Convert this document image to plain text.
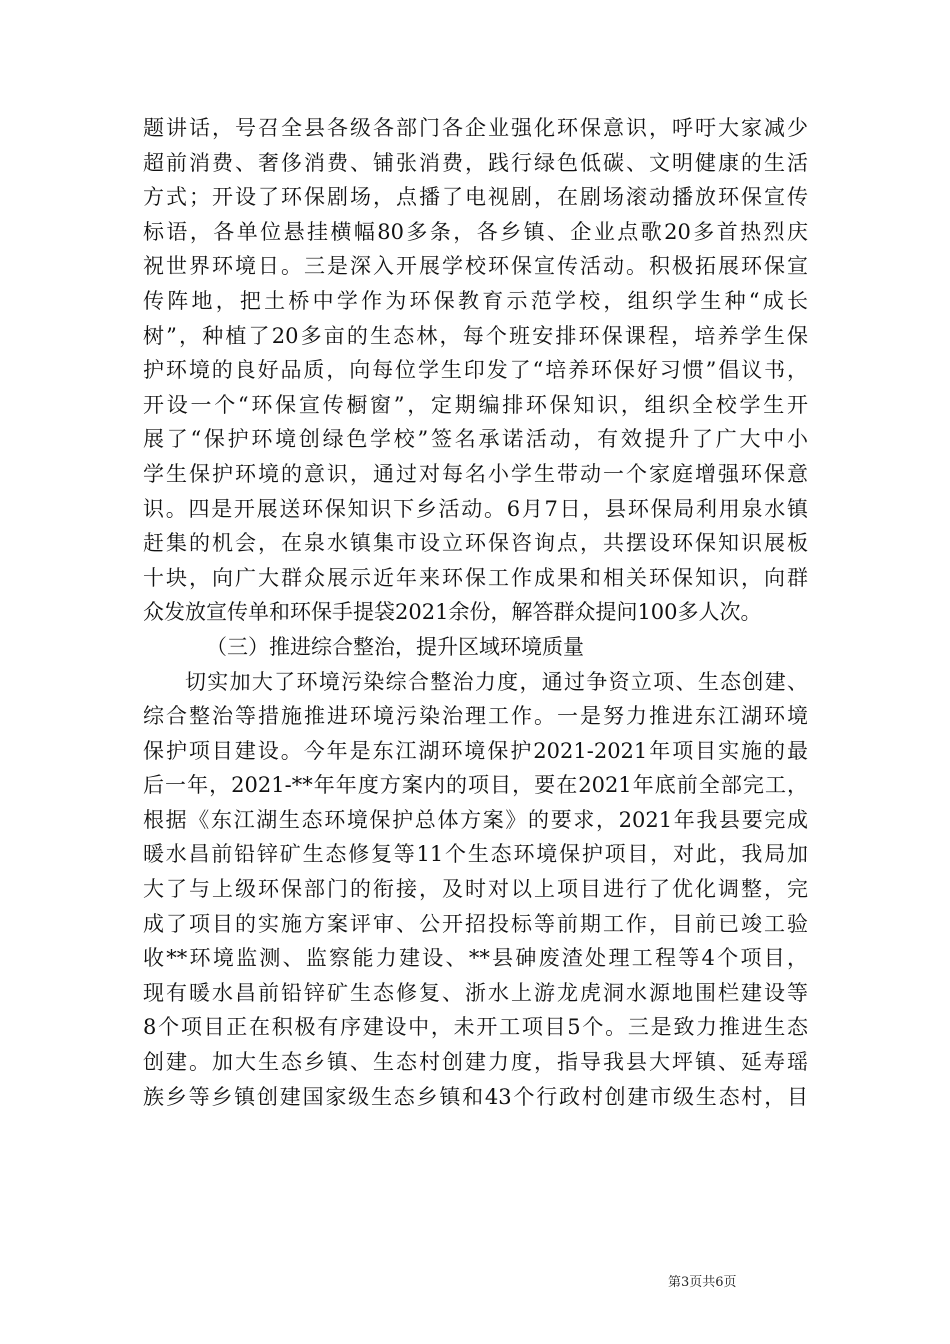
题讲话，号召全县各级各部门各企业强化环保意识，呼吁大家减少
超前消费、奢侈消费、铺张消费，践行绿色低碳、文明健康的生活
方式；开设了环保剧场，点播了电视剧，在剧场滚动播放环保宣传
标语，各单位悬挂横幅80多条，各乡镇、企业点歌20多首热烈庆
祝世界环境日。三是深入开展学校环保宣传活动。积极拓展环保宣
传阵地，把土桥中学作为环保教育示范学校，组织学生种“成长
树”，种植了20多亩的生态林，每个班安排环保课程，培养学生保
护环境的良好品质，向每位学生印发了“培养环保好习惯”倡议书，
开设一个“环保宣传橱窗”，定期编排环保知识，组织全校学生开
展了“保护环境创绿色学校”签名承诺活动，有效提升了广大中小
学生保护环境的意识，通过对每名小学生带动一个家庭增强环保意
识。四是开展送环保知识下乡活动。6月7日，县环保局利用泉水镇
赶集的机会，在泉水镇集市设立环保咨询点，共摆设环保知识展板
十块，向广大群众展示近年来环保工作成果和相关环保知识，向群
众发放宣传单和环保手提袋2021余份，解答群众提问100多人次。
（三）推进综合整治，提升区域环境质量
切实加大了环境污染综合整治力度，通过争资立项、生态创建、
综合整治等措施推进环境污染治理工作。一是努力推进东江湖环境
保护项目建设。今年是东江湖环境保护2021-2021年项目实施的最
后一年，2021-**年年度方案内的项目，要在2021年底前全部完工，
根据《东江湖生态环境保护总体方案》的要求，2021年我县要完成
暖水昌前铅锌矿生态修复等11个生态环境保护项目，对此，我局加
大了与上级环保部门的衔接，及时对以上项目进行了优化调整，完
成了项目的实施方案评审、公开招投标等前期工作，目前已竣工验
收**环境监测、监察能力建设、**县砷废渣处理工程等4个项目，
现有暖水昌前铅锌矿生态修复、浙水上游龙虎洞水源地围栏建设等
8个项目正在积极有序建设中，未开工项目5个。三是致力推进生态
创建。加大生态乡镇、生态村创建力度，指导我县大坪镇、延寿瑶
族乡等乡镇创建国家级生态乡镇和43个行政村创建市级生态村，目
第3页共6页
